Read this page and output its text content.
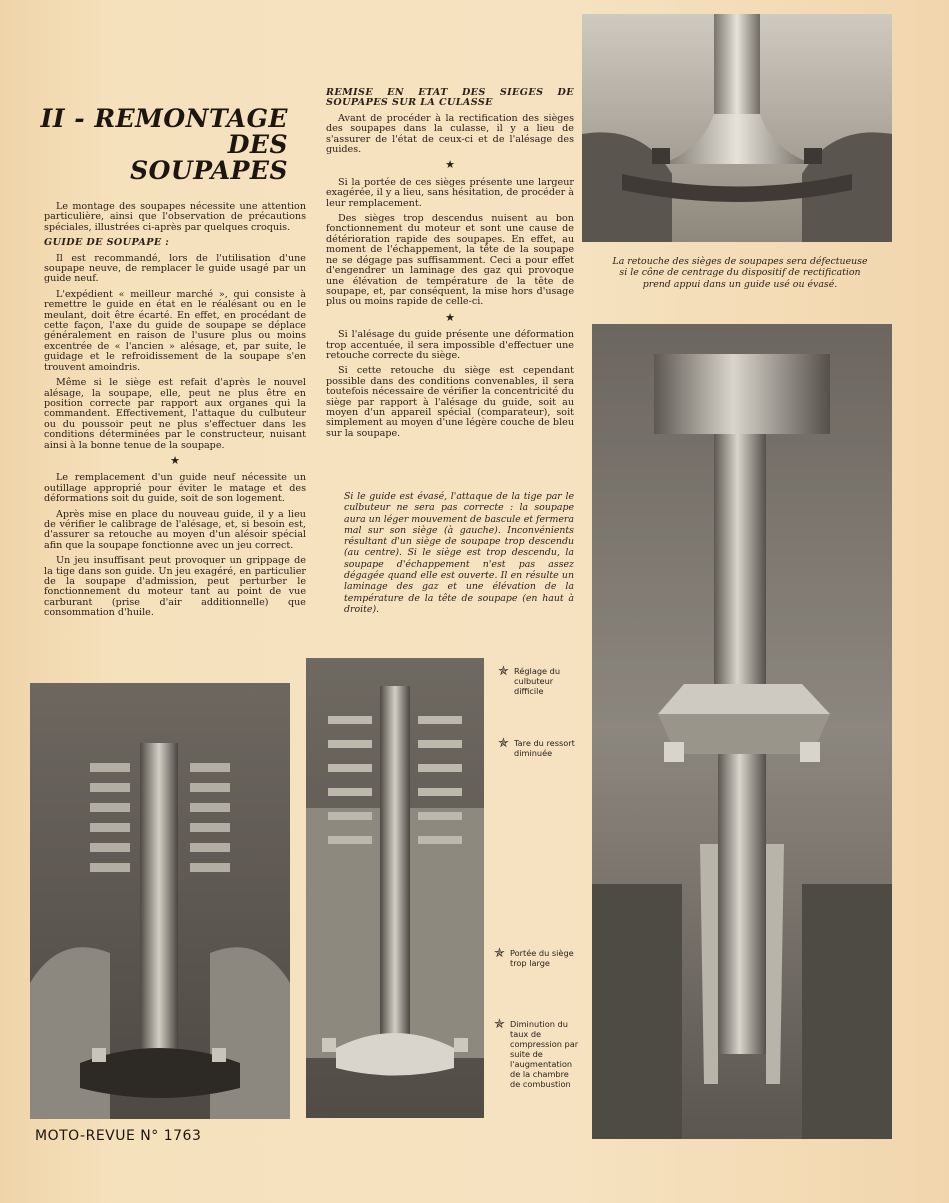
II - REMONTAGE
DES
SOUPAPES

Le montage des soupapes nécessite une attention particulière, ainsi que l'observation de précautions spéciales, illustrées ci-après par quelques croquis.

GUIDE DE SOUPAPE :

Il est recommandé, lors de l'utilisation d'une soupape neuve, de remplacer le guide usagé par un guide neuf.

L'expédient « meilleur marché », qui consiste à remettre le guide en état en le réalésant ou en le meulant, doit être écarté. En effet, en procédant de cette façon, l'axe du guide de soupape se déplace généralement en raison de l'usure plus ou moins excentrée de « l'ancien » alésage, et, par suite, le guidage et le refroidissement de la soupape s'en trouvent amoindris.

Même si le siège est refait d'après le nouvel alésage, la soupape, elle, peut ne plus être en position correcte par rapport aux organes qui la commandent. Effectivement, l'attaque du culbuteur ou du poussoir peut ne plus s'effectuer dans les conditions déterminées par le constructeur, nuisant ainsi à la bonne tenue de la soupape.

★

Le remplacement d'un guide neuf nécessite un outillage approprié pour éviter le matage et des déformations soit du guide, soit de son logement.

Après mise en place du nouveau guide, il y a lieu de vérifier le calibrage de l'alésage, et, si besoin est, d'assurer sa retouche au moyen d'un alésoir spécial afin que la soupape fonctionne avec un jeu correct.

Un jeu insuffisant peut provoquer un grippage de la tige dans son guide. Un jeu exagéré, en particulier de la soupape d'admission, peut perturber le fonctionnement du moteur tant au point de vue carburant (prise d'air additionnelle) que consommation d'huile.

REMISE EN ETAT DES SIEGES DE SOUPAPES SUR LA CULASSE

Avant de procéder à la rectification des sièges des soupapes dans la culasse, il y a lieu de s'assurer de l'état de ceux-ci et de l'alésage des guides.

★

Si la portée de ces sièges présente une largeur exagérée, il y a lieu, sans hésitation, de procéder à leur remplacement.

Des sièges trop descendus nuisent au bon fonctionnement du moteur et sont une cause de détérioration rapide des soupapes. En effet, au moment de l'échappement, la tête de la soupape ne se dégage pas suffisamment. Ceci a pour effet d'engendrer un laminage des gaz qui provoque une élévation de température de la tête de soupape, et, par conséquent, la mise hors d'usage plus ou moins rapide de celle-ci.

★

Si l'alésage du guide présente une déformation trop accentuée, il sera impossible d'effectuer une retouche correcte du siège.

Si cette retouche du siège est cependant possible dans des conditions convenables, il sera toutefois nécessaire de vérifier la concentricité du siège par rapport à l'alésage du guide, soit au moyen d'un appareil spécial (comparateur), soit simplement au moyen d'une légère couche de bleu sur la soupape.

Si le guide est évasé, l'attaque de la tige par le culbuteur ne sera pas correcte : la soupape aura un léger mouvement de bascule et fermera mal sur son siège (à gauche). Inconvénients résultant d'un siège de soupape trop descendu (au centre). Si le siège est trop descendu, la soupape d'échappement n'est pas assez dégagée quand elle est ouverte. Il en résulte un laminage des gaz et une élévation de la température de la tête de soupape (en haut à droite).
La retouche des sièges de soupapes sera défectueuse si le cône de centrage du dispositif de rectification prend appui dans un guide usé ou évasé.
✯ Réglage du culbuteur difficile
✯ Tare du ressort diminuée
✯ Portée du siège trop large
✯ Diminution du taux de compression par suite de l'augmentation de la chambre de combustion
MOTO-REVUE N° 1763
